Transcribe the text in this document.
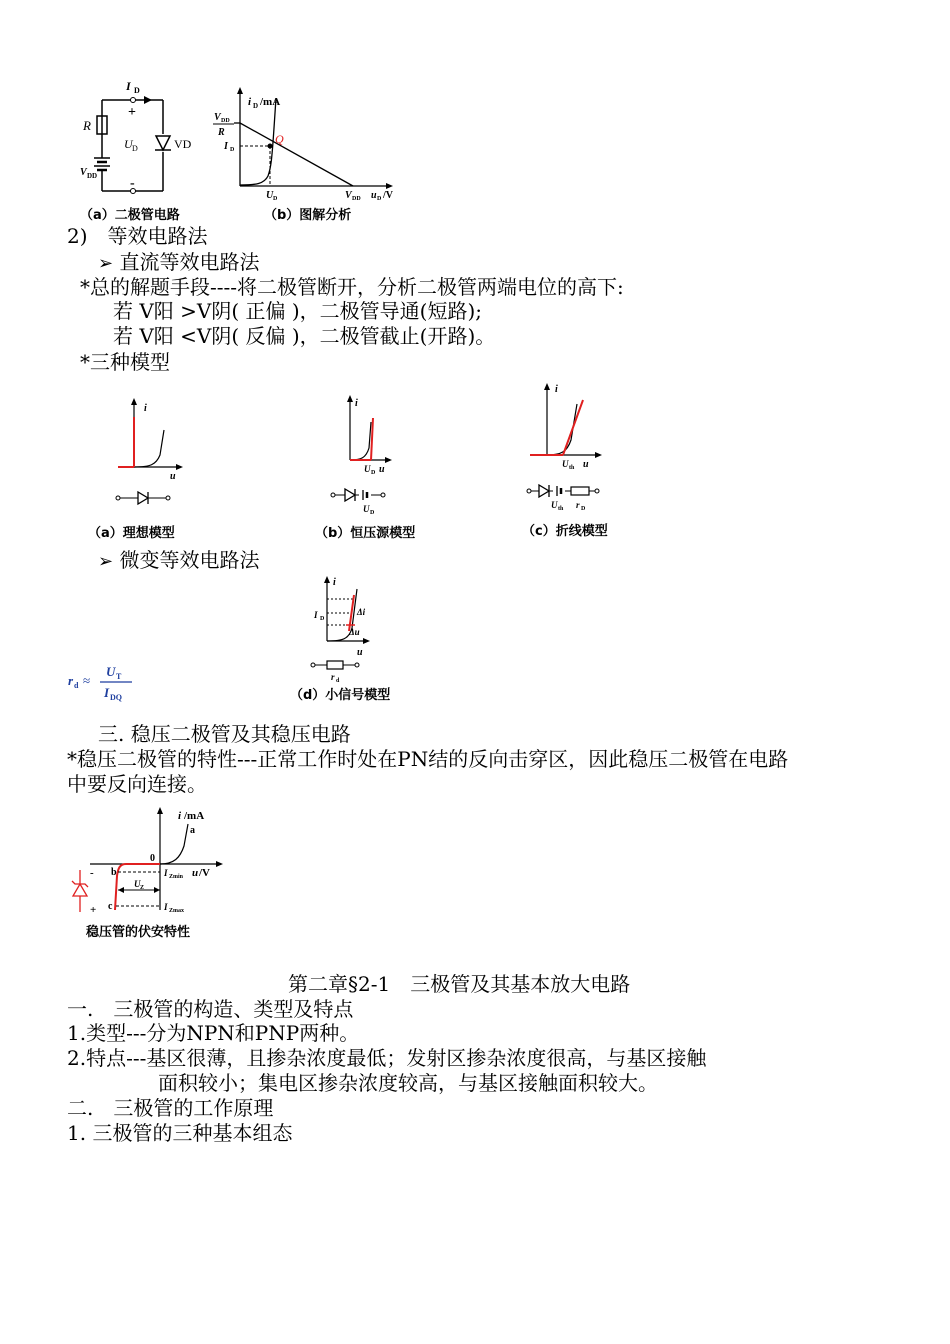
I D
+
-
R
U D	VD
V DD
i D /mA
V DD
R
I D
Q
U D	V DD u D /V
（a）二极管电路	（b）图解分析
2)　等效电路法
➢ 直流等效电路法
*总的解题手段----将二极管断开，分析二极管两端电位的高下:
若 V阳 >V阴( 正偏 )，二极管导通(短路);
若 V阳 <V阴( 反偏 )，二极管截止(开路)。
*三种模型
i
u
（a）理想模型
i
U D u
U D
（b）恒压源模型
i
U th u
U th r D
（c）折线模型
➢ 微变等效电路法
i
I D
Δi
Δu
u
r d
（d）小信号模型
r d ≈
U T
I DQ
三. 稳压二极管及其稳压电路
*稳压二极管的特性---正常工作时处在PN结的反向击穿区，因此稳压二极管在电路
中要反向连接。
i /mA
a
0
b
c
U Z
I Zmin u /V
I Zmax
-
+
稳压管的伏安特性
第二章§2-1　三极管及其基本放大电路
一.　三极管的构造、类型及特点
1.类型---分为NPN和PNP两种。
2.特点---基区很薄，且掺杂浓度最低；发射区掺杂浓度很高，与基区接触
面积较小；集电区掺杂浓度较高，与基区接触面积较大。
二.　三极管的工作原理
1. 三极管的三种基本组态
